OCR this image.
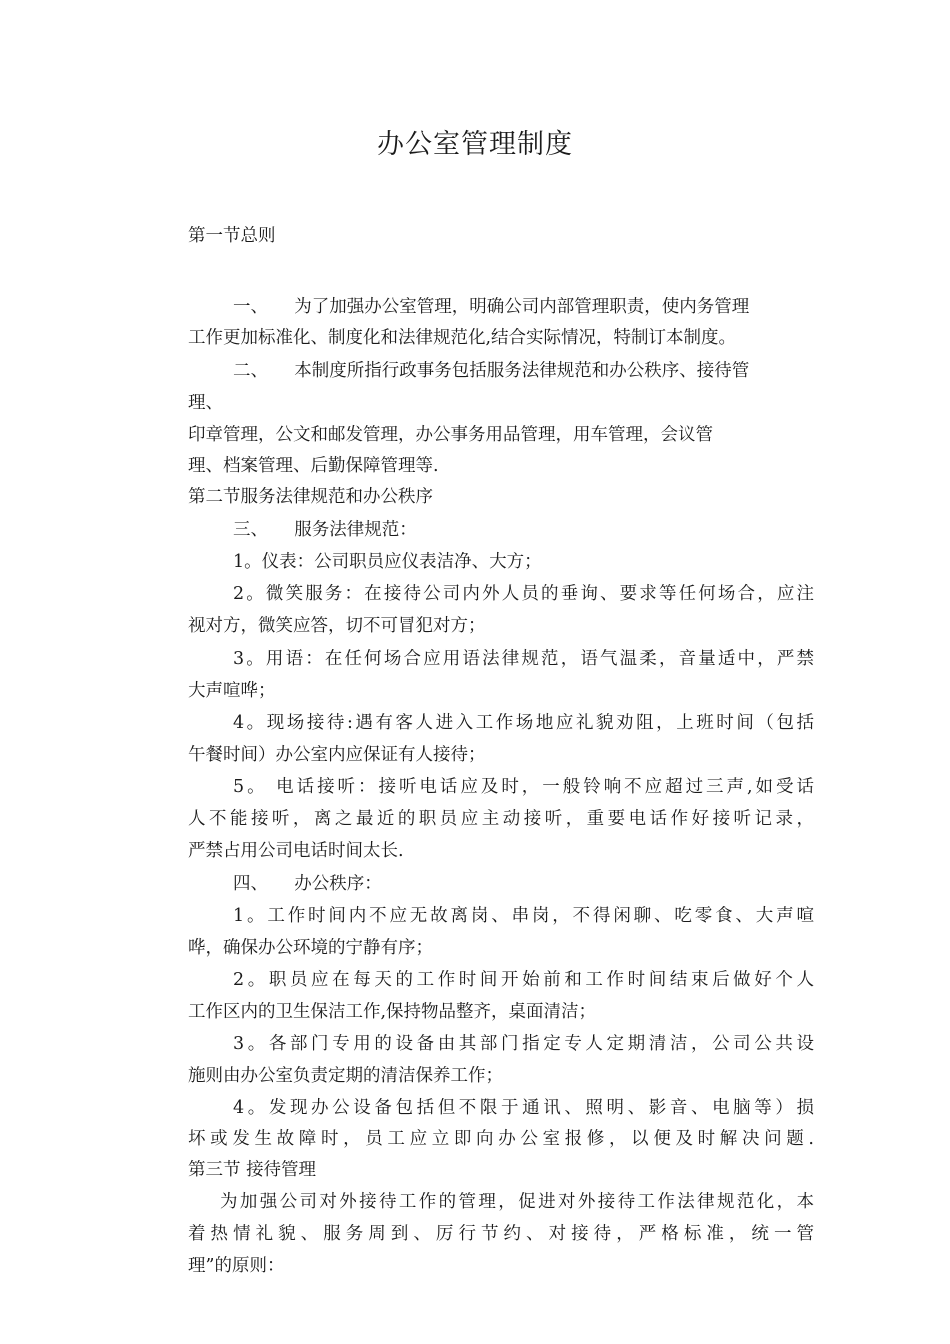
办公室管理制度
第一节总则
一、　　为了加强办公室管理，明确公司内部管理职责，使内务管理
工作更加标准化、制度化和法律规范化,结合实际情况，特制订本制度。
二、　　本制度所指行政事务包括服务法律规范和办公秩序、接待管
理、
印章管理，公文和邮发管理，办公事务用品管理，用车管理，会议管
理、档案管理、后勤保障管理等.
第二节服务法律规范和办公秩序
三、　　服务法律规范：
1。仪表：公司职员应仪表洁净、大方；
2。微笑服务：在接待公司内外人员的垂询、要求等任何场合，应注
视对方，微笑应答，切不可冒犯对方；
3。用语：在任何场合应用语法律规范，语气温柔，音量适中，严禁
大声喧哗；
4。现场接待:遇有客人进入工作场地应礼貌劝阻，上班时间（包括
午餐时间）办公室内应保证有人接待；
5。 电话接听：接听电话应及时，一般铃响不应超过三声,如受话
人不能接听，离之最近的职员应主动接听，重要电话作好接听记录，
严禁占用公司电话时间太长.
四、　　办公秩序：
1。工作时间内不应无故离岗、串岗，不得闲聊、吃零食、大声喧
哗，确保办公环境的宁静有序；
2。职员应在每天的工作时间开始前和工作时间结束后做好个人
工作区内的卫生保洁工作,保持物品整齐，桌面清洁；
3。各部门专用的设备由其部门指定专人定期清洁，公司公共设
施则由办公室负责定期的清洁保养工作；
4。发现办公设备包括但不限于通讯、照明、影音、电脑等）损
坏或发生故障时，员工应立即向办公室报修，以便及时解决问题.
第三节 接待管理
为加强公司对外接待工作的管理，促进对外接待工作法律规范化，本
着热情礼貌、服务周到、厉行节约、对接待，严格标准，统一管
理”的原则：
